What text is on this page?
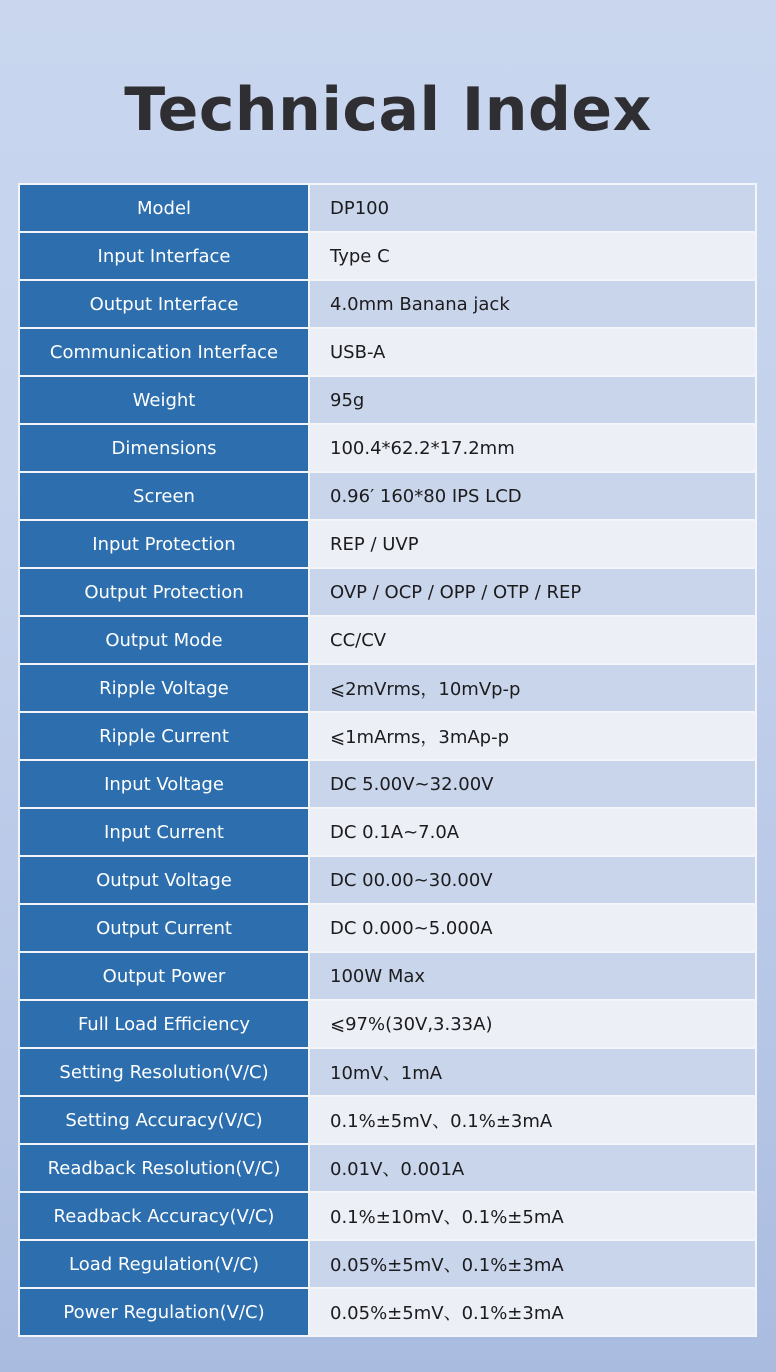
Technical Index
Model	DP100
Input Interface	Type C
Output Interface	4.0mm Banana jack
Communication Interface	USB-A
Weight	95g
Dimensions	100.4*62.2*17.2mm
Screen	0.96′ 160*80 IPS LCD
Input Protection	REP / UVP
Output Protection	OVP / OCP / OPP / OTP / REP
Output Mode	CC/CV
Ripple Voltage	⩽2mVrms，10mVp-p
Ripple Current	⩽1mArms，3mAp-p
Input Voltage	DC 5.00V~32.00V
Input Current	DC 0.1A~7.0A
Output Voltage	DC 00.00~30.00V
Output Current	DC 0.000~5.000A
Output Power	100W Max
Full Load Efficiency	⩽97%(30V,3.33A)
Setting Resolution(V/C)	10mV、1mA
Setting Accuracy(V/C)	0.1%±5mV、0.1%±3mA
Readback Resolution(V/C)	0.01V、0.001A
Readback Accuracy(V/C)	0.1%±10mV、0.1%±5mA
Load Regulation(V/C)	0.05%±5mV、0.1%±3mA
Power Regulation(V/C)	0.05%±5mV、0.1%±3mA
